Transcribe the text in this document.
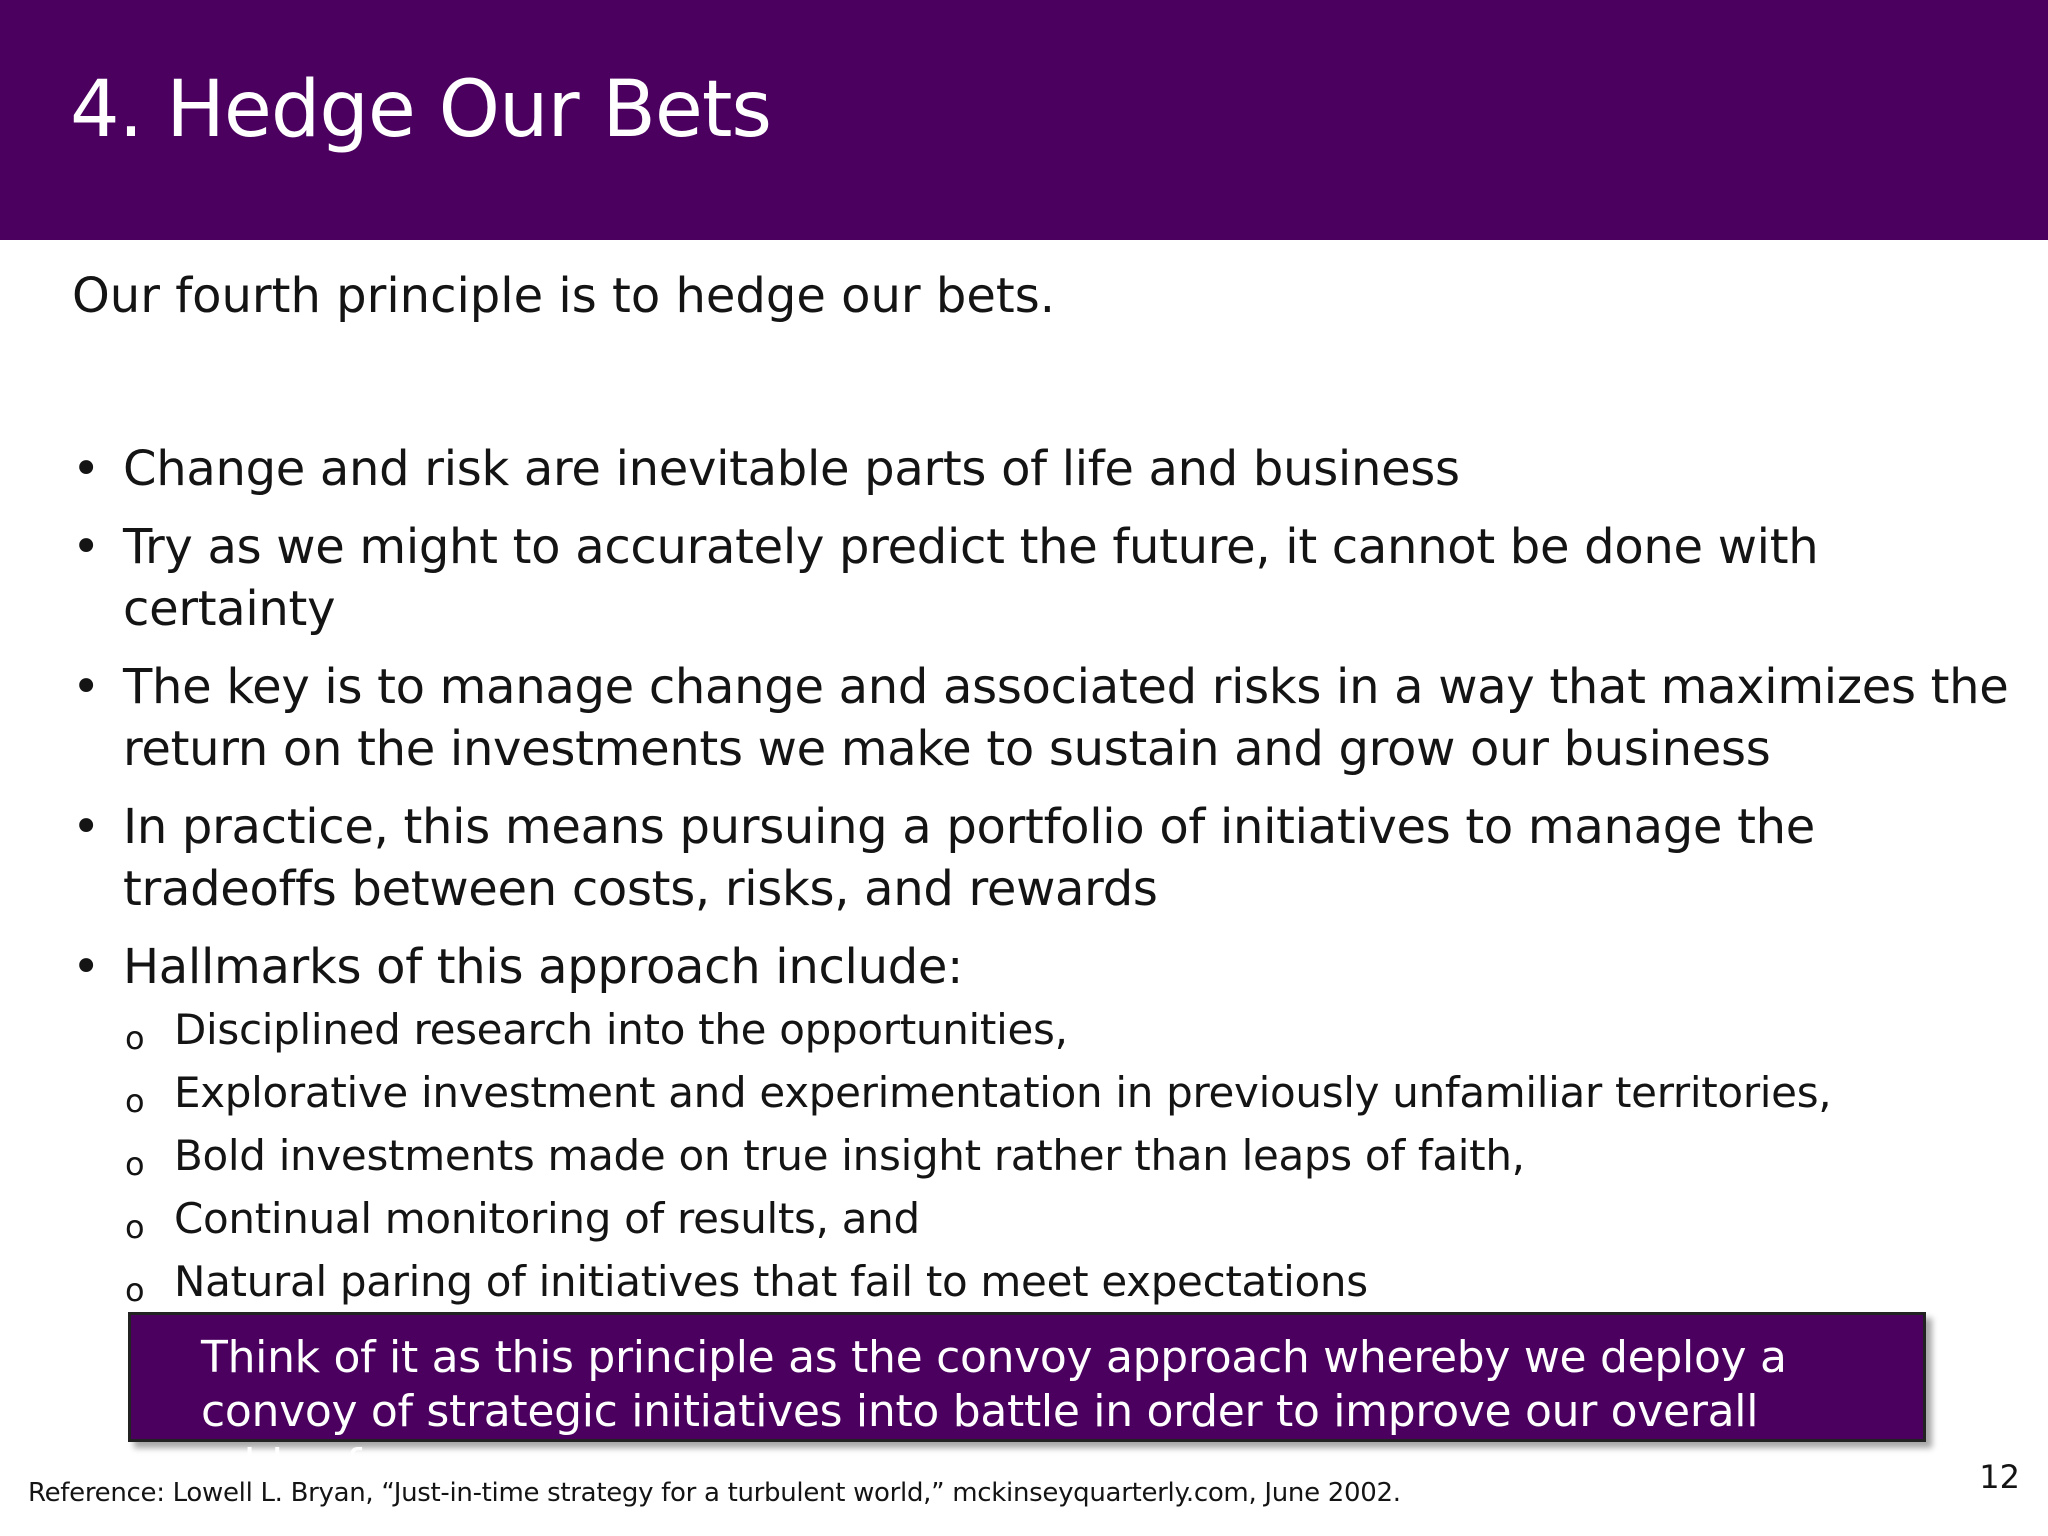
4. Hedge Our Bets

Our fourth principle is to hedge our bets.

• Change and risk are inevitable parts of life and business
• Try as we might to accurately predict the future, it cannot be done with certainty
• The key is to manage change and associated risks in a way that maximizes the return on the investments we make to sustain and grow our business
• In practice, this means pursuing a portfolio of initiatives to manage the tradeoffs between costs, risks, and rewards
• Hallmarks of this approach include:
o Disciplined research into the opportunities,
o Explorative investment and experimentation in previously unfamiliar territories,
o Bold investments made on true insight rather than leaps of faith,
o Continual monitoring of results, and
o Natural paring of initiatives that fail to meet expectations
Think of it as this principle as the convoy approach whereby we deploy a convoy of strategic initiatives into battle in order to improve our overall odds of success.
Reference: Lowell L. Bryan, “Just-in-time strategy for a turbulent world,” mckinseyquarterly.com, June 2002.	12
